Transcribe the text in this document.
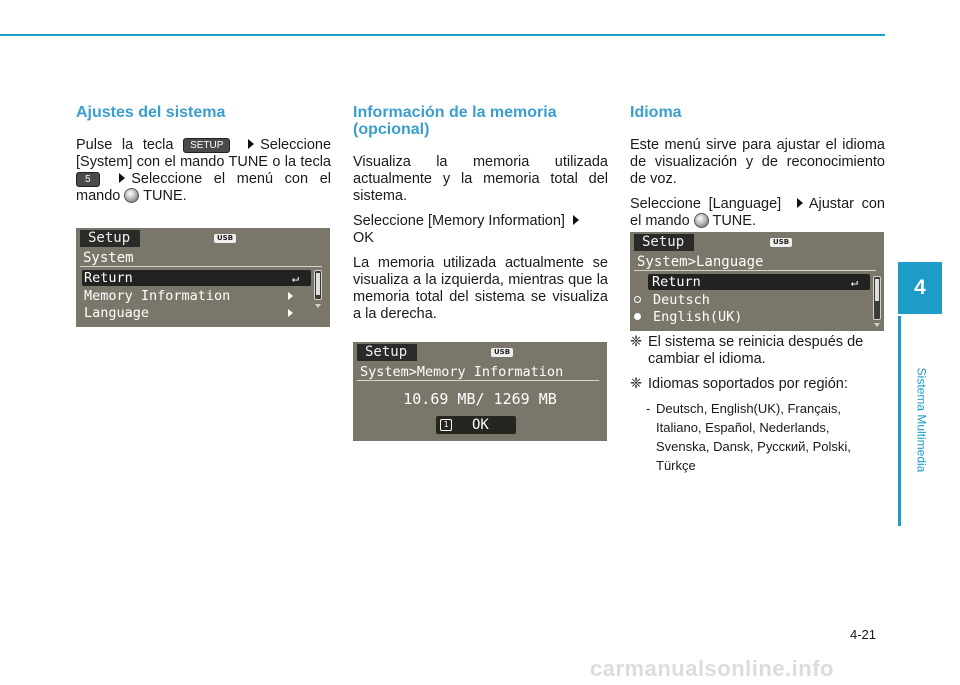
4
Sistema Multimedia
Ajustes del sistema

Pulse la tecla SETUP	Seleccione [System] con el mando TUNE o la tecla 5	Seleccione el menú con el mando TUNE.

Setup	USB
System
Return	↵
Memory Information
Language
Información de la memoria (opcional)

Visualiza la memoria utilizada actualmente y la memoria total del sistema.

Seleccione [Memory Information]
OK

La memoria utilizada actualmente se visualiza a la izquierda, mientras que la memoria total del sistema se visualiza a la derecha.

Setup	USB
System>Memory Information
10.69 MB/ 1269 MB
1 OK
Idioma

Este menú sirve para ajustar el idioma de visualización y de reconocimiento de voz.

Seleccione [Language] Ajustar con el mando TUNE.

Setup	USB
System>Language
Return	↵
Deutsch
English(UK)
❈ El sistema se reinicia después de cambiar el idioma.
❈ Idiomas soportados por región:
- Deutsch, English(UK), Français, Italiano, Español, Nederlands, Svenska, Dansk, Русский, Polski, Türkçe
4-21
carmanualsonline.info
